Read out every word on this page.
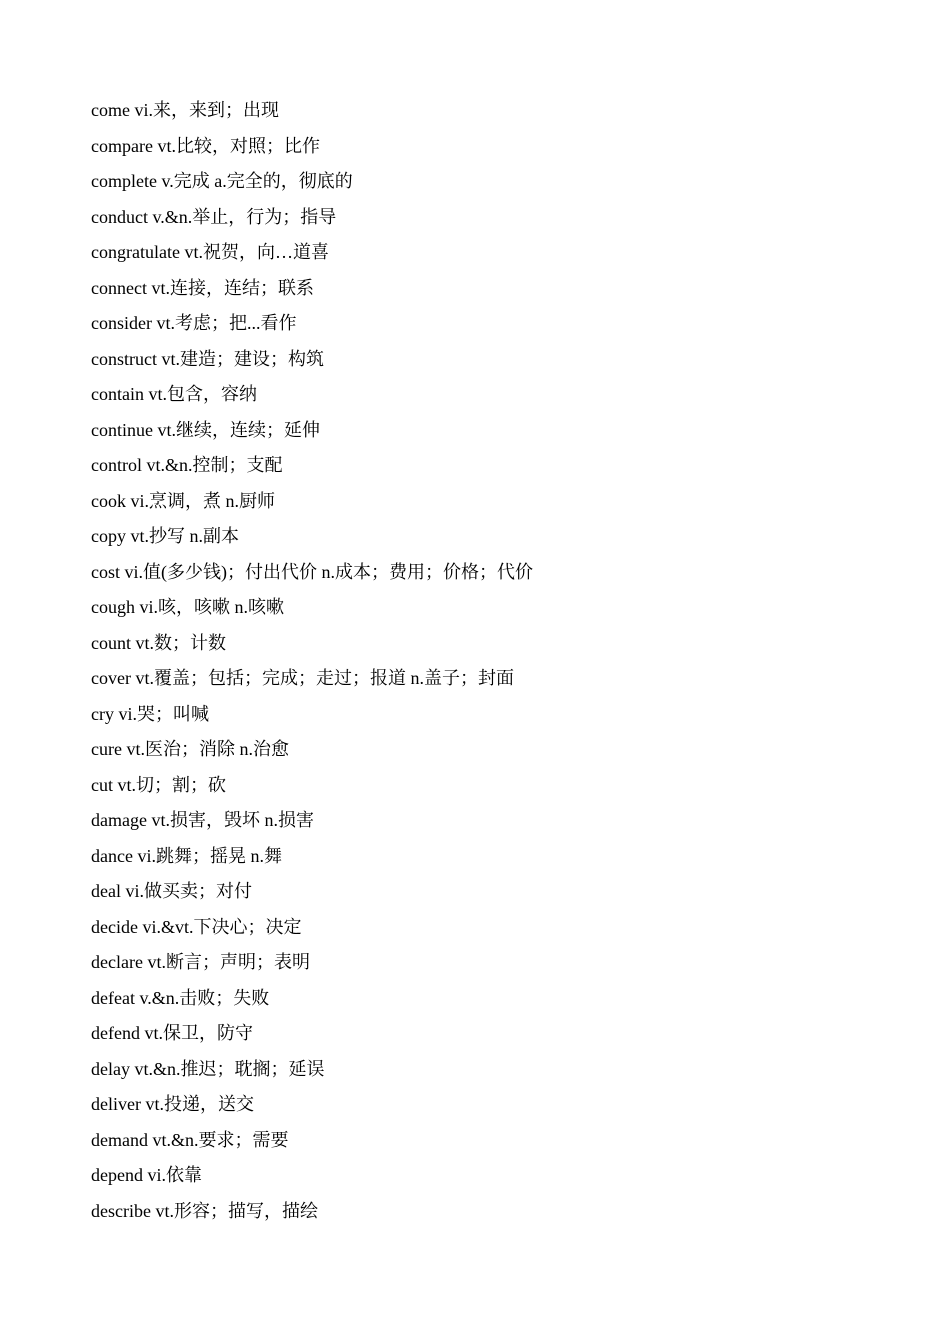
come vi.来，来到；出现
compare vt.比较，对照；比作
complete v.完成 a.完全的，彻底的
conduct v.&n.举止，行为；指导
congratulate vt.祝贺，向…道喜
connect vt.连接，连结；联系
consider vt.考虑；把...看作
construct vt.建造；建设；构筑
contain vt.包含，容纳
continue vt.继续，连续；延伸
control vt.&n.控制；支配
cook vi.烹调，煮 n.厨师
copy vt.抄写 n.副本
cost vi.值(多少钱)；付出代价 n.成本；费用；价格；代价
cough vi.咳，咳嗽 n.咳嗽
count vt.数；计数
cover vt.覆盖；包括；完成；走过；报道 n.盖子；封面
cry vi.哭；叫喊
cure vt.医治；消除 n.治愈
cut vt.切；割；砍
damage vt.损害，毁坏 n.损害
dance vi.跳舞；摇晃 n.舞
deal vi.做买卖；对付
decide vi.&vt.下决心；决定
declare vt.断言；声明；表明
defeat v.&n.击败；失败
defend vt.保卫，防守
delay vt.&n.推迟；耽搁；延误
deliver vt.投递，送交
demand vt.&n.要求；需要
depend vi.依靠
describe vt.形容；描写，描绘
